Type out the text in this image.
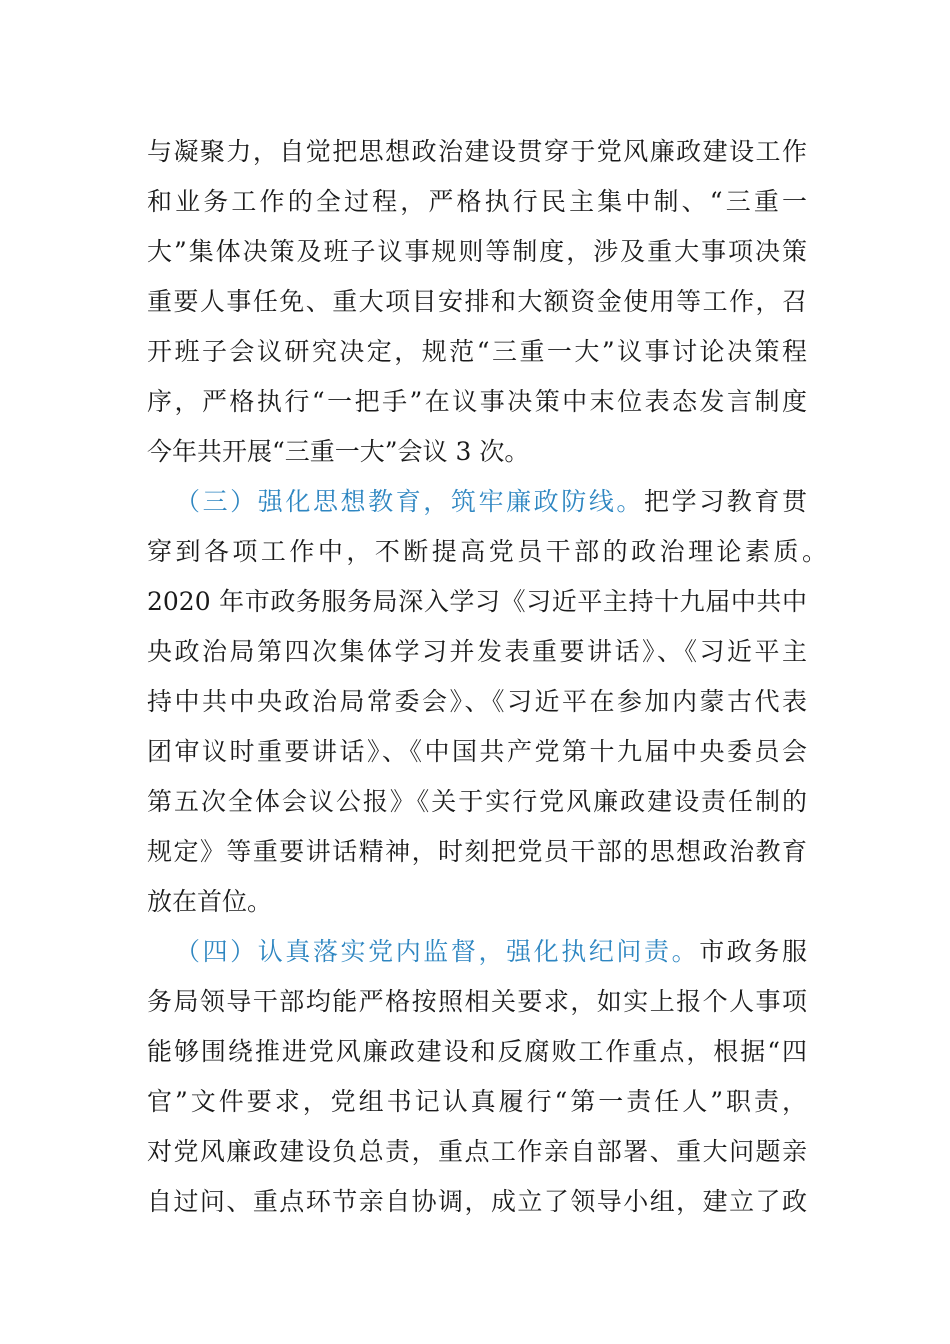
与凝聚力，自觉把思想政治建设贯穿于党风廉政建设工作
和业务工作的全过程，严格执行民主集中制、“三重一
大”集体决策及班子议事规则等制度，涉及重大事项决策
重要人事任免、重大项目安排和大额资金使用等工作，召
开班子会议研究决定，规范“三重一大”议事讨论决策程
序，严格执行“一把手”在议事决策中末位表态发言制度
今年共开展“三重一大”会议 3 次。
（三）强化思想教育，筑牢廉政防线。把学习教育贯
穿到各项工作中，不断提高党员干部的政治理论素质。
2020 年市政务服务局深入学习《习近平主持十九届中共中
央政治局第四次集体学习并发表重要讲话》、《习近平主
持中共中央政治局常委会》、《习近平在参加内蒙古代表
团审议时重要讲话》、《中国共产党第十九届中央委员会
第五次全体会议公报》《关于实行党风廉政建设责任制的
规定》等重要讲话精神，时刻把党员干部的思想政治教育
放在首位。
（四）认真落实党内监督，强化执纪问责。市政务服
务局领导干部均能严格按照相关要求，如实上报个人事项
能够围绕推进党风廉政建设和反腐败工作重点，根据“四
官”文件要求，党组书记认真履行“第一责任人”职责，
对党风廉政建设负总责，重点工作亲自部署、重大问题亲
自过问、重点环节亲自协调，成立了领导小组，建立了政
